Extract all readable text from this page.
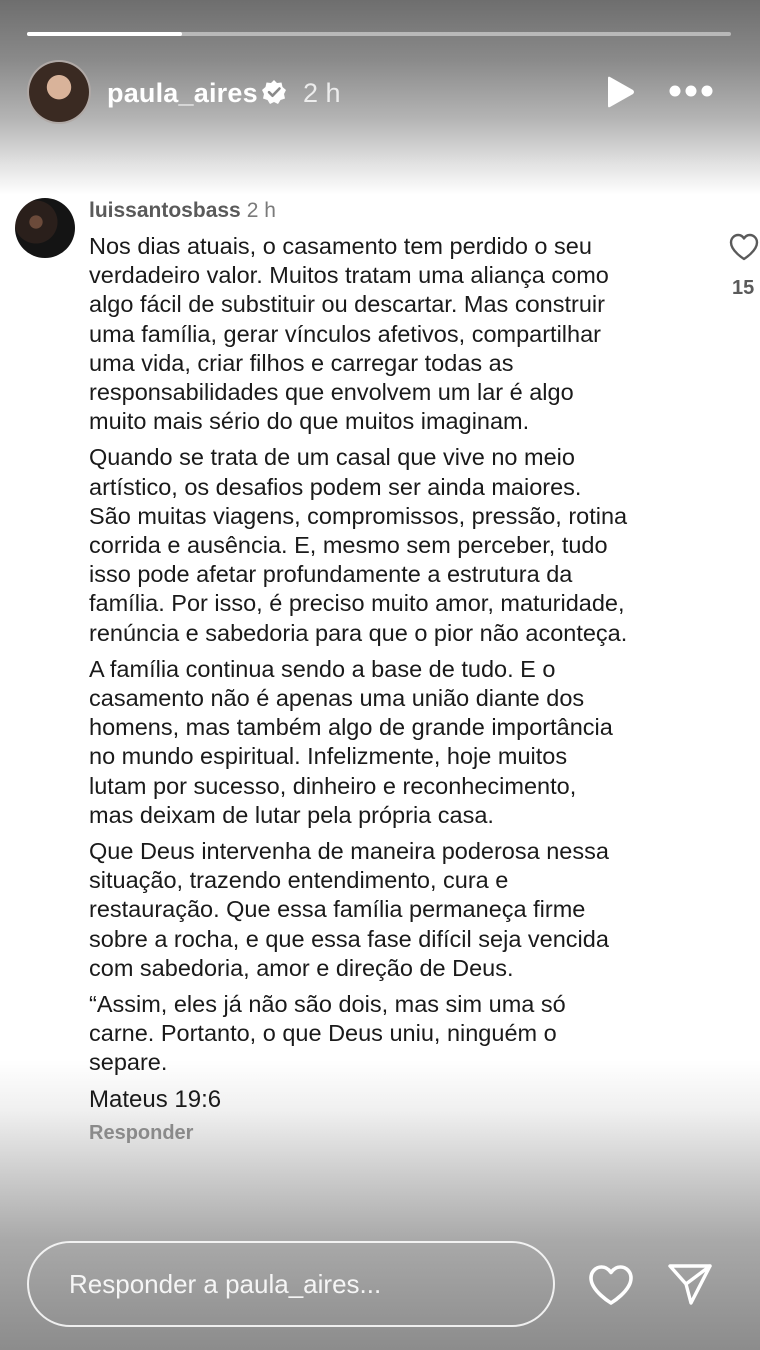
paula_aires 2 h
luissantosbass 2 h

Nos dias atuais, o casamento tem perdido o seu
verdadeiro valor. Muitos tratam uma aliança como
algo fácil de substituir ou descartar. Mas construir
uma família, gerar vínculos afetivos, compartilhar
uma vida, criar filhos e carregar todas as
responsabilidades que envolvem um lar é algo
muito mais sério do que muitos imaginam.

Quando se trata de um casal que vive no meio
artístico, os desafios podem ser ainda maiores.
São muitas viagens, compromissos, pressão, rotina
corrida e ausência. E, mesmo sem perceber, tudo
isso pode afetar profundamente a estrutura da
família. Por isso, é preciso muito amor, maturidade,
renúncia e sabedoria para que o pior não aconteça.

A família continua sendo a base de tudo. E o
casamento não é apenas uma união diante dos
homens, mas também algo de grande importância
no mundo espiritual. Infelizmente, hoje muitos
lutam por sucesso, dinheiro e reconhecimento,
mas deixam de lutar pela própria casa.

Que Deus intervenha de maneira poderosa nessa
situação, trazendo entendimento, cura e
restauração. Que essa família permaneça firme
sobre a rocha, e que essa fase difícil seja vencida
com sabedoria, amor e direção de Deus.

“Assim, eles já não são dois, mas sim uma só
carne. Portanto, o que Deus uniu, ninguém o
separe.

Mateus 19:6

Responder
15
Responder a paula_aires...
